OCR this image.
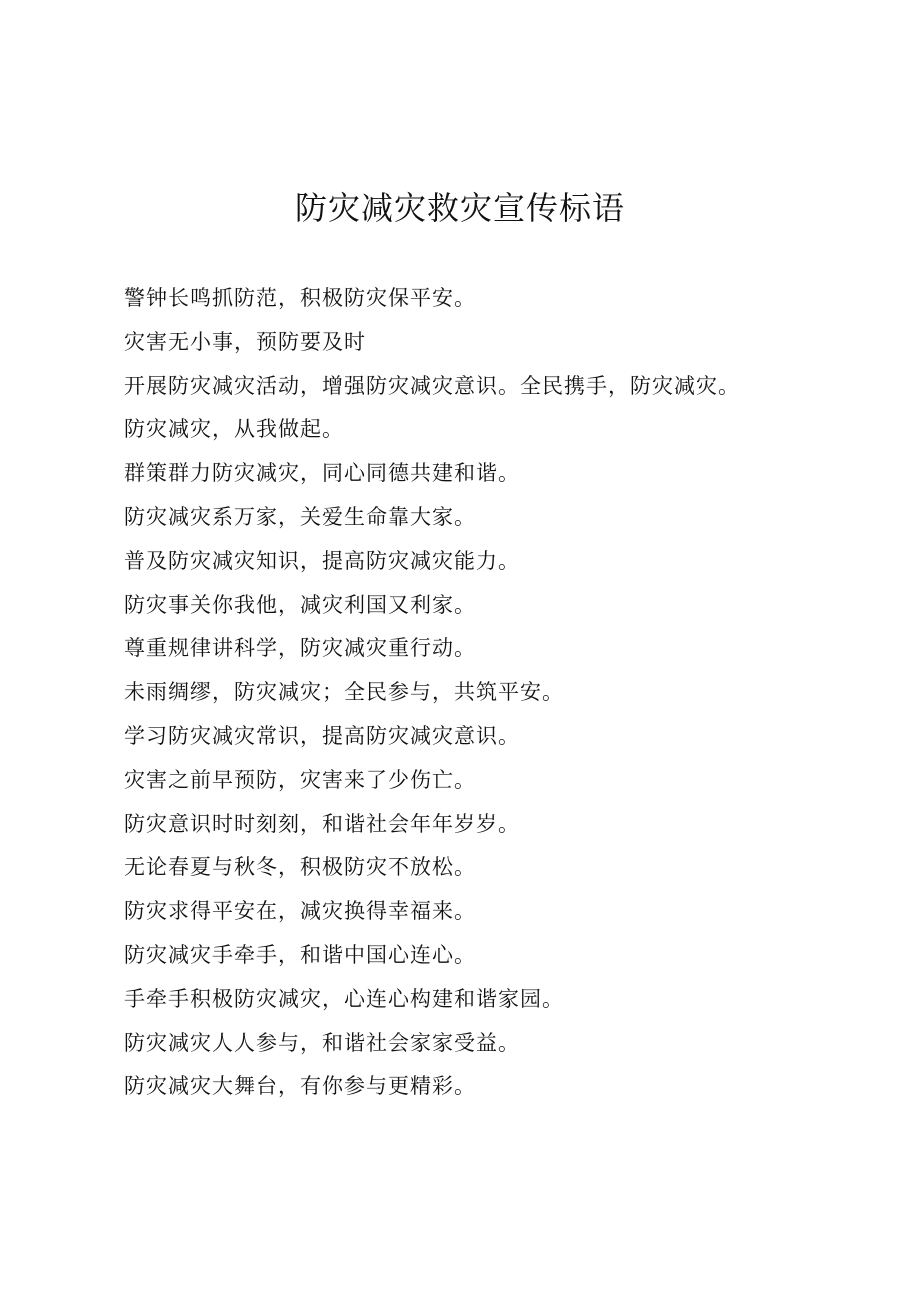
防灾减灾救灾宣传标语
警钟长鸣抓防范，积极防灾保平安。
灾害无小事，预防要及时
开展防灾减灾活动，增强防灾减灾意识。全民携手，防灾减灾。
防灾减灾，从我做起。
群策群力防灾减灾，同心同德共建和谐。
防灾减灾系万家，关爱生命靠大家。
普及防灾减灾知识，提高防灾减灾能力。
防灾事关你我他，减灾利国又利家。
尊重规律讲科学，防灾减灾重行动。
未雨绸缪，防灾减灾；全民参与，共筑平安。
学习防灾减灾常识，提高防灾减灾意识。
灾害之前早预防，灾害来了少伤亡。
防灾意识时时刻刻，和谐社会年年岁岁。
无论春夏与秋冬，积极防灾不放松。
防灾求得平安在，减灾换得幸福来。
防灾减灾手牵手，和谐中国心连心。
手牵手积极防灾减灾，心连心构建和谐家园。
防灾减灾人人参与，和谐社会家家受益。
防灾减灾大舞台，有你参与更精彩。
